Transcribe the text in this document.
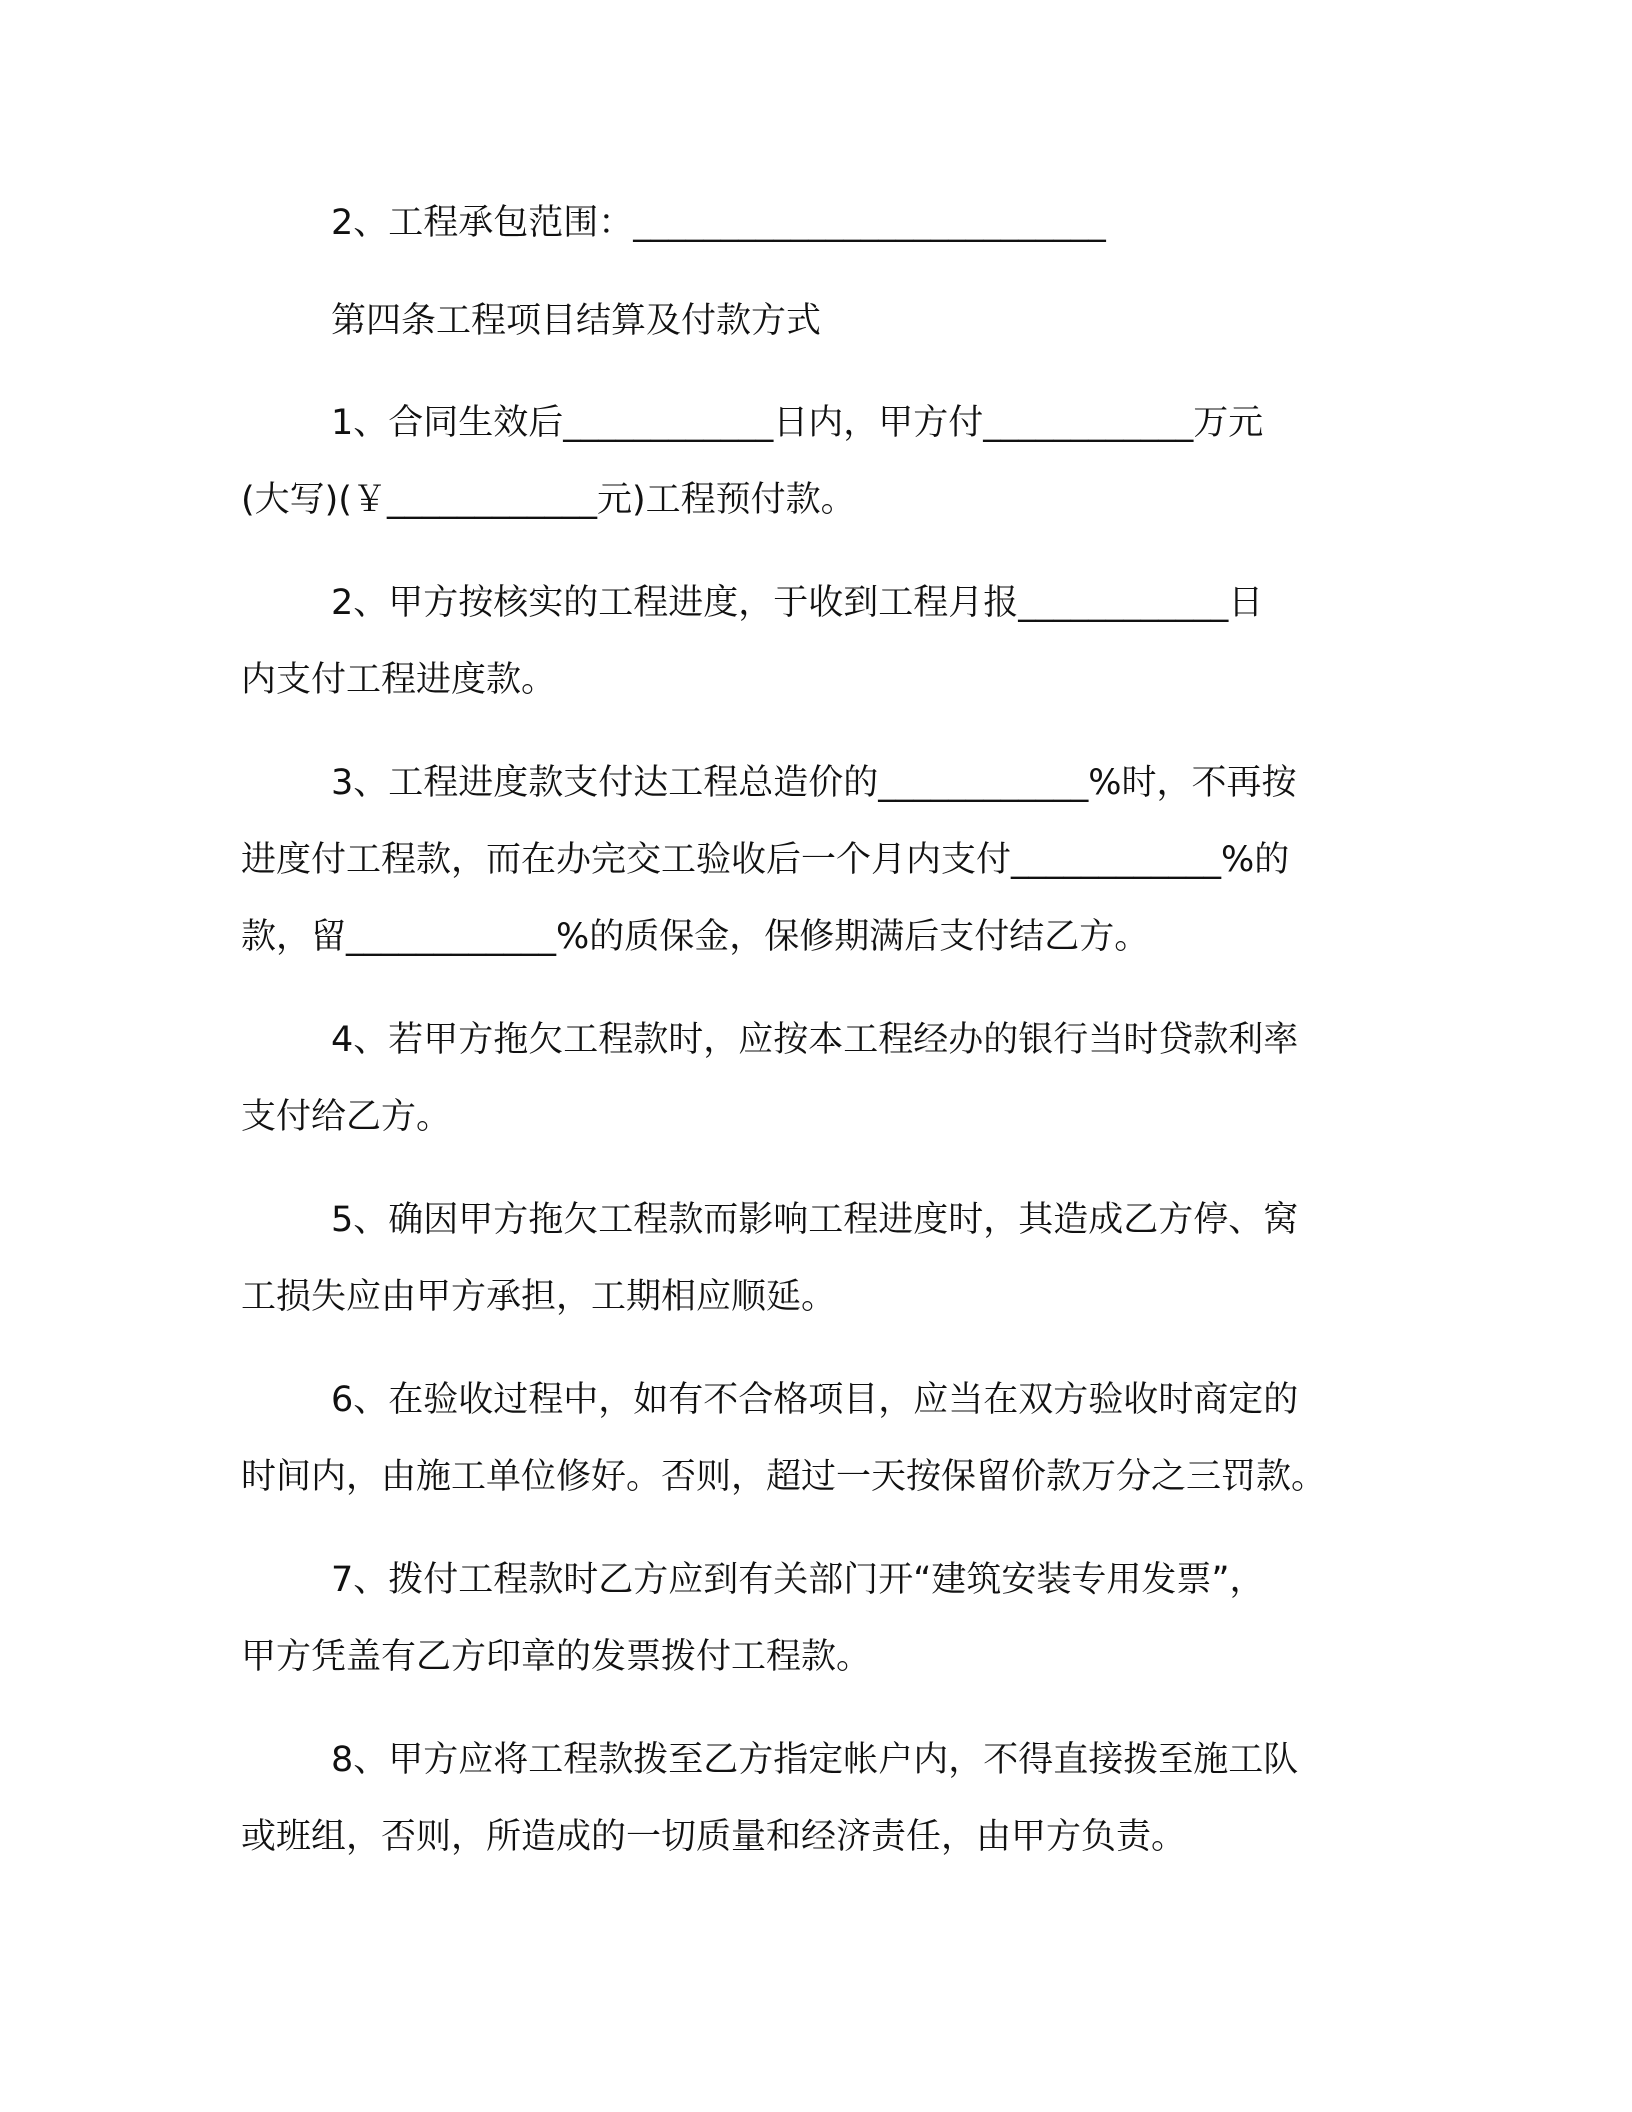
2、工程承包范围：___________________________
第四条工程项目结算及付款方式
1、合同生效后____________日内，甲方付____________万元
(大写)(￥____________元)工程预付款。
2、甲方按核实的工程进度，于收到工程月报____________日
内支付工程进度款。
3、工程进度款支付达工程总造价的____________%时，不再按
进度付工程款，而在办完交工验收后一个月内支付____________%的
款，留____________%的质保金，保修期满后支付结乙方。
4、若甲方拖欠工程款时，应按本工程经办的银行当时贷款利率
支付给乙方。
5、确因甲方拖欠工程款而影响工程进度时，其造成乙方停、窝
工损失应由甲方承担，工期相应顺延。
6、在验收过程中，如有不合格项目，应当在双方验收时商定的
时间内，由施工单位修好。否则，超过一天按保留价款万分之三罚款。
7、拨付工程款时乙方应到有关部门开“建筑安装专用发票”，
甲方凭盖有乙方印章的发票拨付工程款。
8、甲方应将工程款拨至乙方指定帐户内，不得直接拨至施工队
或班组，否则，所造成的一切质量和经济责任，由甲方负责。
